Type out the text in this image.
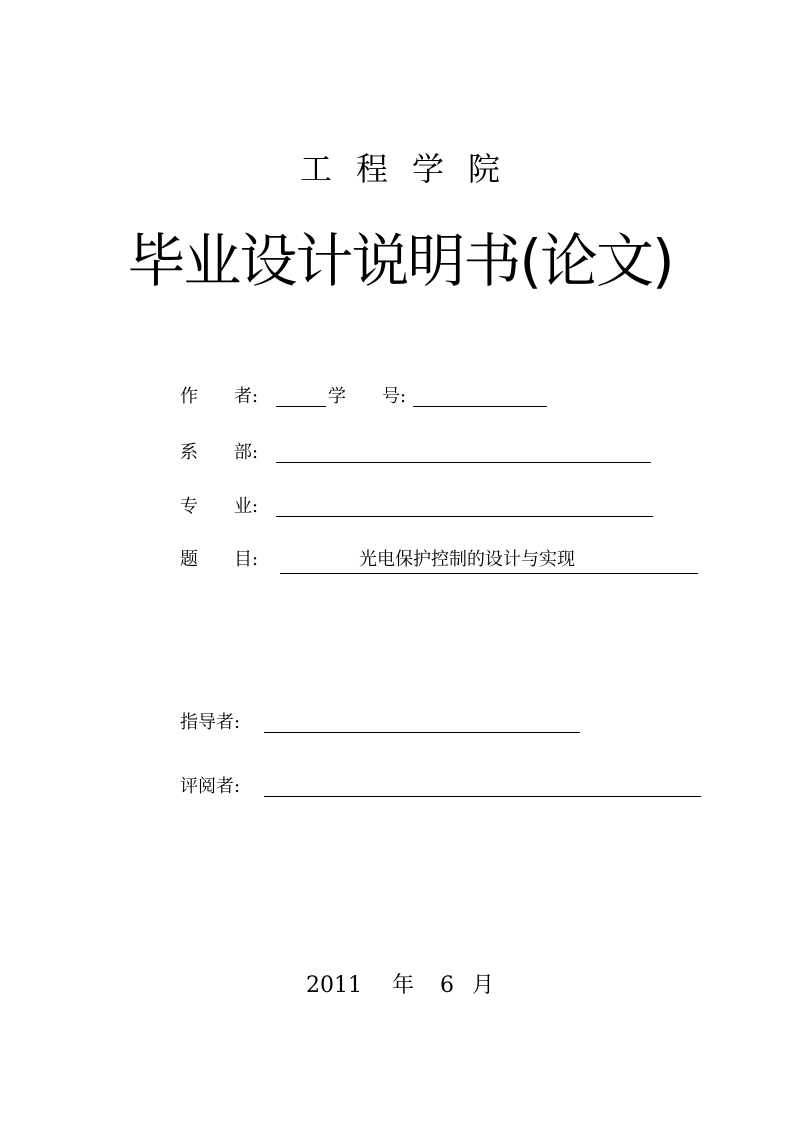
工程学院
毕业设计说明书(论文)
作 者:	学 号:
系 部:
专 业:
题 目:	光电保护控制的设计与实现
指导者:
评阅者:
2011 年 6 月
